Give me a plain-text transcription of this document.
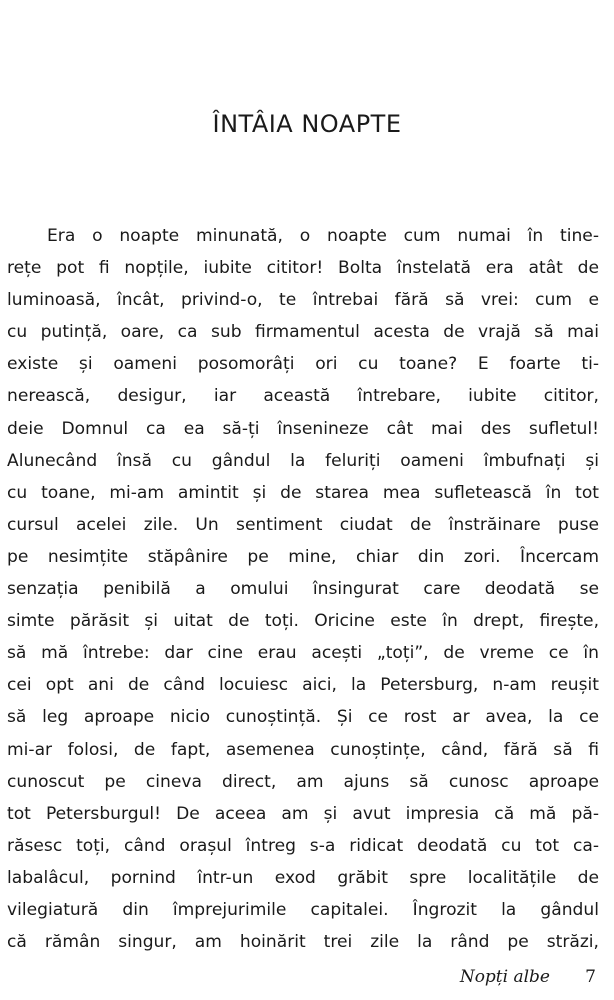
ÎNTÂIA NOAPTE
Era o noapte minunată, o noapte cum numai în tine-
rețe pot fi nopțile, iubite cititor! Bolta înstelată era atât de
luminoasă, încât, privind-o, te întrebai fără să vrei: cum e
cu putință, oare, ca sub firmamentul acesta de vrajă să mai
existe și oameni posomorâți ori cu toane? E foarte ti-
nerească, desigur, iar această întrebare, iubite cititor,
deie Domnul ca ea să-ți însenineze cât mai des sufletul!
Alunecând însă cu gândul la feluriți oameni îmbufnați și
cu toane, mi-am amintit și de starea mea sufletească în tot
cursul acelei zile. Un sentiment ciudat de înstrăinare puse
pe nesimțite stăpânire pe mine, chiar din zori. Încercam
senzația penibilă a omului însingurat care deodată se
simte părăsit și uitat de toți. Oricine este în drept, firește,
să mă întrebe: dar cine erau acești „toți”, de vreme ce în
cei opt ani de când locuiesc aici, la Petersburg, n-am reușit
să leg aproape nicio cunoștință. Și ce rost ar avea, la ce
mi-ar folosi, de fapt, asemenea cunoștințe, când, fără să fi
cunoscut pe cineva direct, am ajuns să cunosc aproape
tot Petersburgul! De aceea am și avut impresia că mă pă-
răsesc toți, când orașul întreg s-a ridicat deodată cu tot ca-
labalâcul, pornind într-un exod grăbit spre localitățile de
vilegiatură din împrejurimile capitalei. Îngrozit la gândul
că rămân singur, am hoinărit trei zile la rând pe străzi,
Nopți albe 7
